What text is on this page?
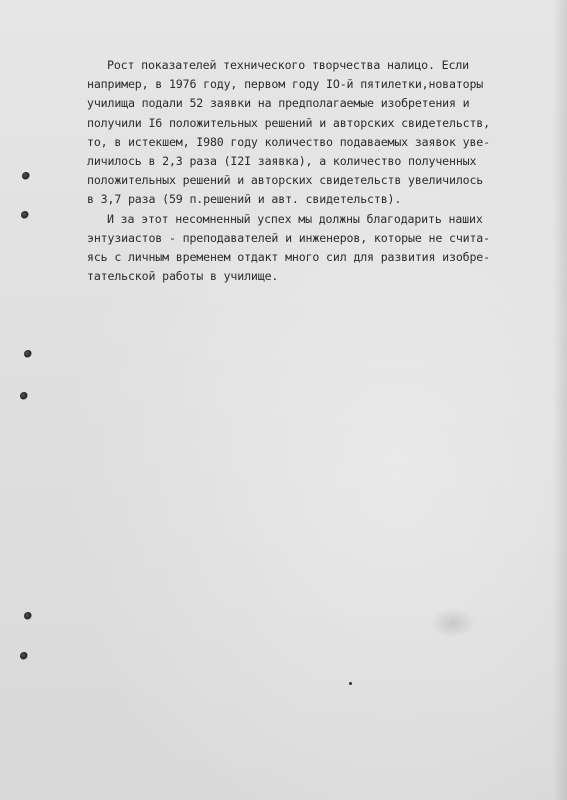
Рост показателей технического творчества налицо. Если
например, в 1976 году, первом году IO-й пятилетки,новаторы
училища подали 52 заявки на предполагаемые изобретения и
получили I6 положительных решений и авторских свидетельств,
то, в истекшем, I980 году количество подаваемых заявок уве-
личилось в 2,3 раза (I2I заявка), а количество полученных
положительных решений и авторских свидетельств увеличилось
в 3,7 раза (59 п.решений и авт. свидетельств).
И за этот несомненный успех мы должны благодарить наших
энтузиастов - преподавателей и инженеров, которые не счита-
ясь с личным временем отдакт много сил для развития изобре-
тательской работы в училище.
